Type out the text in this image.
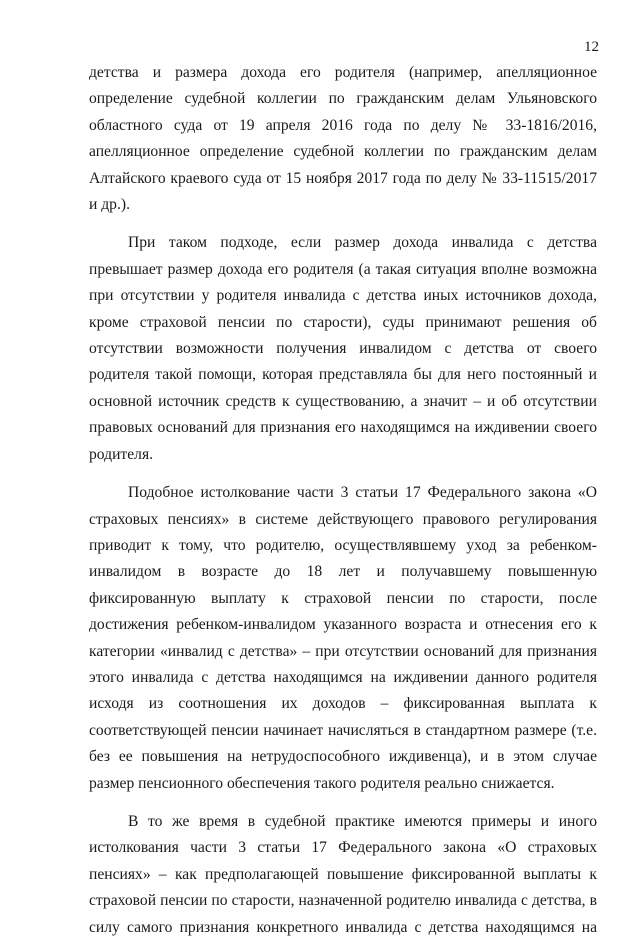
12

детства и размера дохода его родителя (например, апелляционное определение судебной коллегии по гражданским делам Ульяновского областного суда от 19 апреля 2016 года по делу № 33-1816/2016, апелляционное определение судебной коллегии по гражданским делам Алтайского краевого суда от 15 ноября 2017 года по делу № 33-11515/2017 и др.).

При таком подходе, если размер дохода инвалида с детства превышает размер дохода его родителя (а такая ситуация вполне возможна при отсутствии у родителя инвалида с детства иных источников дохода, кроме страховой пенсии по старости), суды принимают решения об отсутствии возможности получения инвалидом с детства от своего родителя такой помощи, которая представляла бы для него постоянный и основной источник средств к существованию, а значит – и об отсутствии правовых оснований для признания его находящимся на иждивении своего родителя.

Подобное истолкование части 3 статьи 17 Федерального закона «О страховых пенсиях» в системе действующего правового регулирования приводит к тому, что родителю, осуществлявшему уход за ребенком-инвалидом в возрасте до 18 лет и получавшему повышенную фиксированную выплату к страховой пенсии по старости, после достижения ребенком-инвалидом указанного возраста и отнесения его к категории «инвалид с детства» – при отсутствии оснований для признания этого инвалида с детства находящимся на иждивении данного родителя исходя из соотношения их доходов – фиксированная выплата к соответствующей пенсии начинает начисляться в стандартном размере (т.е. без ее повышения на нетрудоспособного иждивенца), и в этом случае размер пенсионного обеспечения такого родителя реально снижается.

В то же время в судебной практике имеются примеры и иного истолкования части 3 статьи 17 Федерального закона «О страховых пенсиях» – как предполагающей повышение фиксированной выплаты к страховой пенсии по старости, назначенной родителю инвалида с детства, в силу самого признания конкретного инвалида с детства находящимся на
